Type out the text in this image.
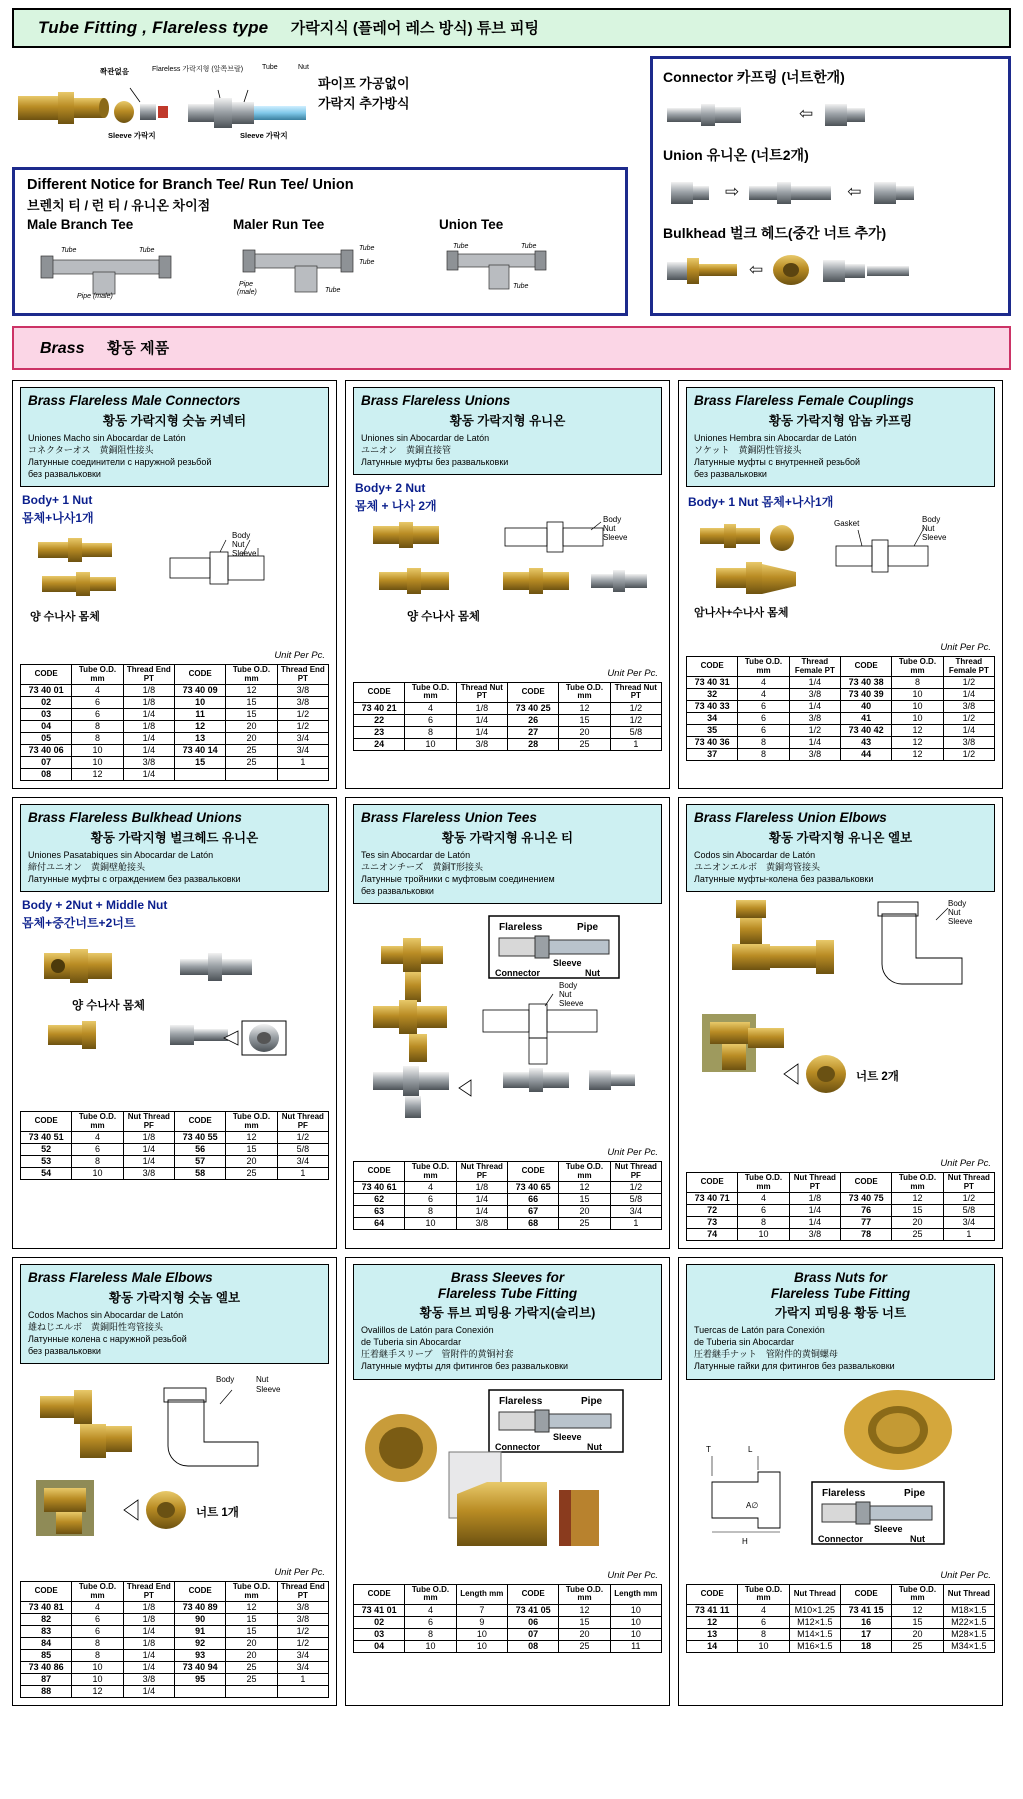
Tube Fitting , Flareless type 가락지식 (플레어 레스 방식) 튜브 피팅
파이프 가공없이
가락지 추가방식
쫙관없음	Flareless 가락지형 (앞쪽브랄)	Tube	Nut
Sleeve 가락지	Sleeve 가락지
Different Notice for Branch Tee/ Run Tee/ Union
브렌치 티 / 런 티 / 유니온 차이점
Male Branch Tee
Tube	Tube
Pipe (male)
Maler Run Tee
Tube
Tube
Pipe
(male)	Tube
Union Tee
Tube	Tube
Tube
Connector 카프링 (너트한개)
⇦
Union 유니온 (너트2개)
⇨	⇦
Bulkhead 벌크 헤드(중간 너트 추가)
⇦
Brass 황동 제품
Brass Flareless Male Connectors
황동 가락지형 숫놈 커넥터
Uniones Macho sin Abocardar de Latón
コネクターオス　黄銅阻性接头
Латунные соединители с наружной резьбой
без развальковки
Body+ 1 Nut
몸체+나사1개
Body
Nut
Sleeve
양 수나사 몸체
Unit Per Pc.
CODE	Tube O.D. mm	Thread End PT	CODE	Tube O.D. mm	Thread End PT
73 40 01	4	1/8	73 40 09	12	3/8
02	6	1/8	10	15	3/8
03	6	1/4	11	15	1/2
04	8	1/8	12	20	1/2
05	8	1/4	13	20	3/4
73 40 06	10	1/4	73 40 14	25	3/4
07	10	3/8	15	25	1
08	12	1/4			
Brass Flareless Unions
황동 가락지형 유니온
Uniones sin Abocardar de Latón
ユニオン　黄銅直接管
Латунные муфты без развальковки
Body+ 2 Nut
몸체 + 나사 2개
Body
Nut
Sleeve
양 수나사 몸체
Unit Per Pc.
CODE	Tube O.D. mm	Thread Nut PT	CODE	Tube O.D. mm	Thread Nut PT
73 40 21	4	1/8	73 40 25	12	1/2
22	6	1/4	26	15	1/2
23	8	1/4	27	20	5/8
24	10	3/8	28	25	1
Brass Flareless Female Couplings
황동 가락지형 암놈 카프링
Uniones Hembra sin Abocardar de Latón
ソケット　黄銅阴性管接头
Латунные муфты с внутренней резьбой
без развальковки
Body+ 1 Nut 몸체+나사1개
Gasket	Body
Nut
Sleeve
암나사+수나사 몸체
Unit Per Pc.
CODE	Tube O.D. mm	Thread Female PT	CODE	Tube O.D. mm	Thread Female PT
73 40 31	4	1/4	73 40 38	8	1/2
32	4	3/8	73 40 39	10	1/4
73 40 33	6	1/4	40	10	3/8
34	6	3/8	41	10	1/2
35	6	1/2	73 40 42	12	1/4
73 40 36	8	1/4	43	12	3/8
37	8	3/8	44	12	1/2
Brass Flareless Bulkhead Unions
황동 가락지형 벌크헤드 유니온
Uniones Pasatabiques sin Abocardar de Latón
締付ユニオン　黄銅壁舱接头
Латунные муфты с ограждением без развальковки
Body + 2Nut + Middle Nut
몸체+중간너트+2너트
양 수나사 몸체
CODE	Tube O.D. mm	Nut Thread PF	CODE	Tube O.D. mm	Nut Thread PF
73 40 51	4	1/8	73 40 55	12	1/2
52	6	1/4	56	15	5/8
53	8	1/4	57	20	3/4
54	10	3/8	58	25	1
Brass Flareless Union Tees
황동 가락지형 유니온 티
Tes sin Abocardar de Latón
ユニオンチーズ　黄銅T形接头
Латунные тройники с муфтовым соединением
без развальковки
Flareless	Pipe
Sleeve
Connector	Nut
Body
Nut
Sleeve
Unit Per Pc.
CODE	Tube O.D. mm	Nut Thread PF	CODE	Tube O.D. mm	Nut Thread PF
73 40 61	4	1/8	73 40 65	12	1/2
62	6	1/4	66	15	5/8
63	8	1/4	67	20	3/4
64	10	3/8	68	25	1
Brass Flareless Union Elbows
황동 가락지형 유니온 엘보
Codos sin Abocardar de Latón
ユニオンエルボ　黄銅弯管接头
Латунные муфты-колена без развальковки
Body
Nut
Sleeve
너트 2개
Unit Per Pc.
CODE	Tube O.D. mm	Nut Thread PT	CODE	Tube O.D. mm	Nut Thread PT
73 40 71	4	1/8	73 40 75	12	1/2
72	6	1/4	76	15	5/8
73	8	1/4	77	20	3/4
74	10	3/8	78	25	1
Brass Flareless Male Elbows
황동 가락지형 숫놈 엘보
Codos Machos sin Abocardar de Latón
雄ねじエルボ　黄銅阳性弯管接头
Латунные колена с наружной резьбой
без развальковки
Body	Nut
Sleeve
너트 1개
Unit Per Pc.
CODE	Tube O.D. mm	Thread End PT	CODE	Tube O.D. mm	Thread End PT
73 40 81	4	1/8	73 40 89	12	3/8
82	6	1/8	90	15	3/8
83	6	1/4	91	15	1/2
84	8	1/8	92	20	1/2
85	8	1/4	93	20	3/4
73 40 86	10	1/4	73 40 94	25	3/4
87	10	3/8	95	25	1
88	12	1/4			
Brass Sleeves for
Flareless Tube Fitting
황동 튜브 피팅용 가락지(슬리브)
Ovalillos de Latón para Conexión
de Tuberia sin Abocardar
圧着継手スリーブ　管附件的黄铜衬套
Латунные муфты для фитингов без развальковки
Flareless	Pipe
Sleeve
Connector	Nut
Unit Per Pc.
CODE	Tube O.D. mm	Length mm	CODE	Tube O.D. mm	Length mm
73 41 01	4	7	73 41 05	12	10
02	6	9	06	15	10
03	8	10	07	20	10
04	10	10	08	25	11
Brass Nuts for
Flareless Tube Fitting
가락지 피팅용 황동 너트
Tuercas de Latón para Conexión
de Tuberia sin Abocardar
圧着継手ナット　管附件的黄铜螺母
Латунные гайки для фитингов без развальковки
T	L
A∅
H
Flareless	Pipe
Sleeve
Connector	Nut
Unit Per Pc.
CODE	Tube O.D. mm	Nut Thread	CODE	Tube O.D. mm	Nut Thread
73 41 11	4	M10×1.25	73 41 15	12	M18×1.5
12	6	M12×1.5	16	15	M22×1.5
13	8	M14×1.5	17	20	M28×1.5
14	10	M16×1.5	18	25	M34×1.5
